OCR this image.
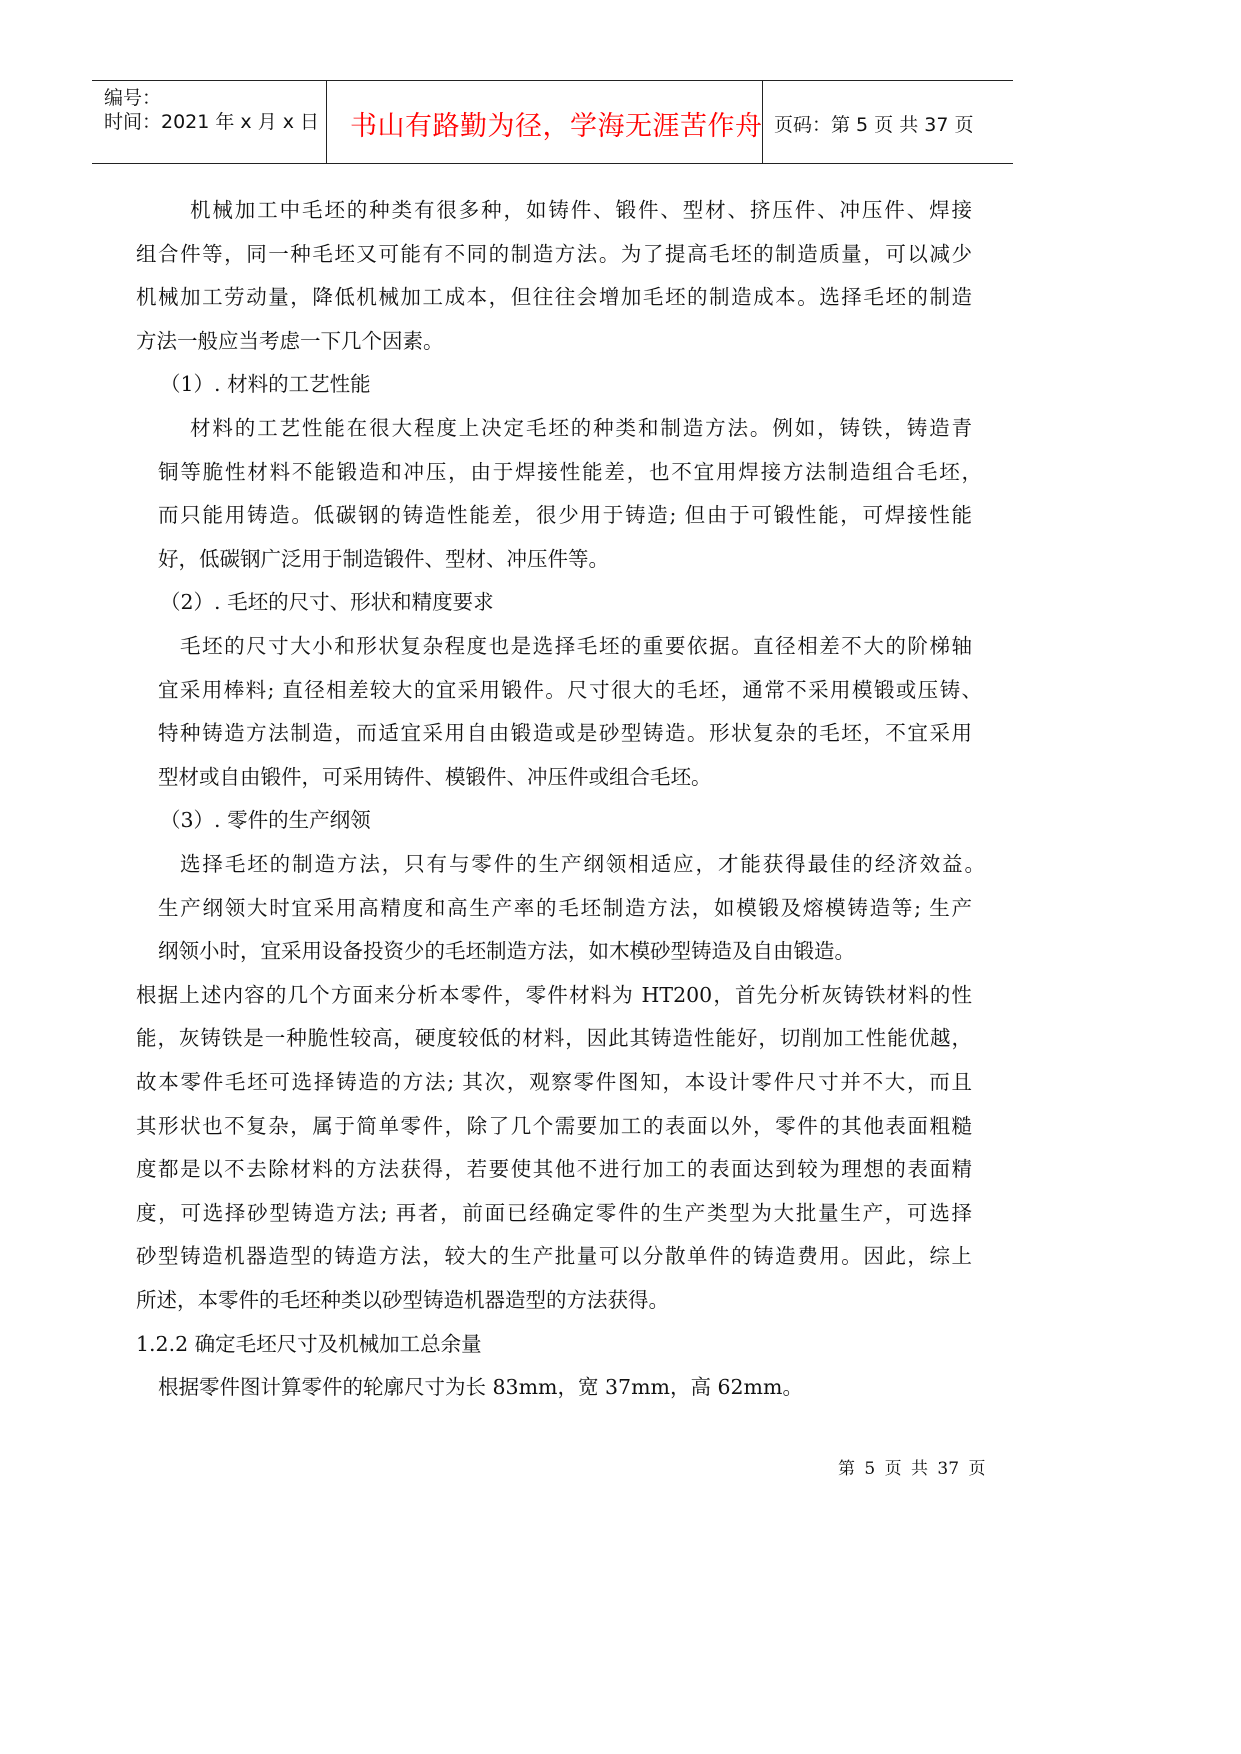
编号：
时间：2021 年 x 月 x 日 书山有路勤为径，学海无涯苦作舟 页码：第 5 页 共 37 页
机械加工中毛坯的种类有很多种，如铸件、锻件、型材、挤压件、冲压件、焊接
组合件等，同一种毛坯又可能有不同的制造方法。为了提高毛坯的制造质量，可以减少
机械加工劳动量，降低机械加工成本，但往往会增加毛坯的制造成本。选择毛坯的制造
方法一般应当考虑一下几个因素。
（1）. 材料的工艺性能
材料的工艺性能在很大程度上决定毛坯的种类和制造方法。例如，铸铁，铸造青
铜等脆性材料不能锻造和冲压，由于焊接性能差，也不宜用焊接方法制造组合毛坯，
而只能用铸造。低碳钢的铸造性能差，很少用于铸造; 但由于可锻性能，可焊接性能
好，低碳钢广泛用于制造锻件、型材、冲压件等。
（2）. 毛坯的尺寸、形状和精度要求
毛坯的尺寸大小和形状复杂程度也是选择毛坯的重要依据。直径相差不大的阶梯轴
宜采用棒料; 直径相差较大的宜采用锻件。尺寸很大的毛坯，通常不采用模锻或压铸、
特种铸造方法制造，而适宜采用自由锻造或是砂型铸造。形状复杂的毛坯，不宜采用
型材或自由锻件，可采用铸件、模锻件、冲压件或组合毛坯。
（3）. 零件的生产纲领
选择毛坯的制造方法，只有与零件的生产纲领相适应，才能获得最佳的经济效益。
生产纲领大时宜采用高精度和高生产率的毛坯制造方法，如模锻及熔模铸造等; 生产
纲领小时，宜采用设备投资少的毛坯制造方法，如木模砂型铸造及自由锻造。
根据上述内容的几个方面来分析本零件，零件材料为 HT200，首先分析灰铸铁材料的性
能，灰铸铁是一种脆性较高，硬度较低的材料，因此其铸造性能好，切削加工性能优越，
故本零件毛坯可选择铸造的方法; 其次，观察零件图知，本设计零件尺寸并不大，而且
其形状也不复杂，属于简单零件，除了几个需要加工的表面以外，零件的其他表面粗糙
度都是以不去除材料的方法获得，若要使其他不进行加工的表面达到较为理想的表面精
度，可选择砂型铸造方法; 再者，前面已经确定零件的生产类型为大批量生产，可选择
砂型铸造机器造型的铸造方法，较大的生产批量可以分散单件的铸造费用。因此，综上
所述，本零件的毛坯种类以砂型铸造机器造型的方法获得。
1.2.2 确定毛坯尺寸及机械加工总余量
根据零件图计算零件的轮廓尺寸为长 83mm，宽 37mm，高 62mm。
第 5 页 共 37 页
